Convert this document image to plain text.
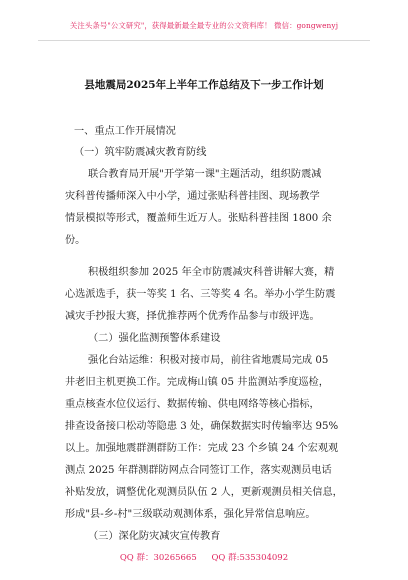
关注头条号"公文研究"，获得最新最全最专业的公文资料库！ 微信：gongwenyj
县地震局2025年上半年工作总结及下一步工作计划
一、重点工作开展情况
（一）筑牢防震减灾教育防线
联合教育局开展"开学第一课"主题活动，组织防震减
灾科普传播师深入中小学，通过张贴科普挂图、现场教学
情景模拟等形式，覆盖师生近万人。张贴科普挂图 1800 余
份。
积极组织参加 2025 年全市防震减灾科普讲解大赛，精
心选派选手，获一等奖 1 名、三等奖 4 名。举办小学生防震
减灾手抄报大赛，择优推荐两个优秀作品参与市级评选。
（二）强化监测预警体系建设
强化台站运维：积极对接市局，前往省地震局完成 05
井老旧主机更换工作。完成梅山镇 05 井监测站季度巡检，
重点核查水位仪运行、数据传输、供电网络等核心指标，
排查设备接口松动等隐患 3 处，确保数据实时传输率达 95%
以上。加强地震群测群防工作：完成 23 个乡镇 24 个宏观观
测点 2025 年群测群防网点合同签订工作，落实观测员电话
补贴发放，调整优化观测员队伍 2 人，更新观测员相关信息，
形成"县-乡-村"三级联动观测体系，强化异常信息响应。
（三）深化防灾减灾宣传教育
QQ 群：30265665 QQ 群:535304092
